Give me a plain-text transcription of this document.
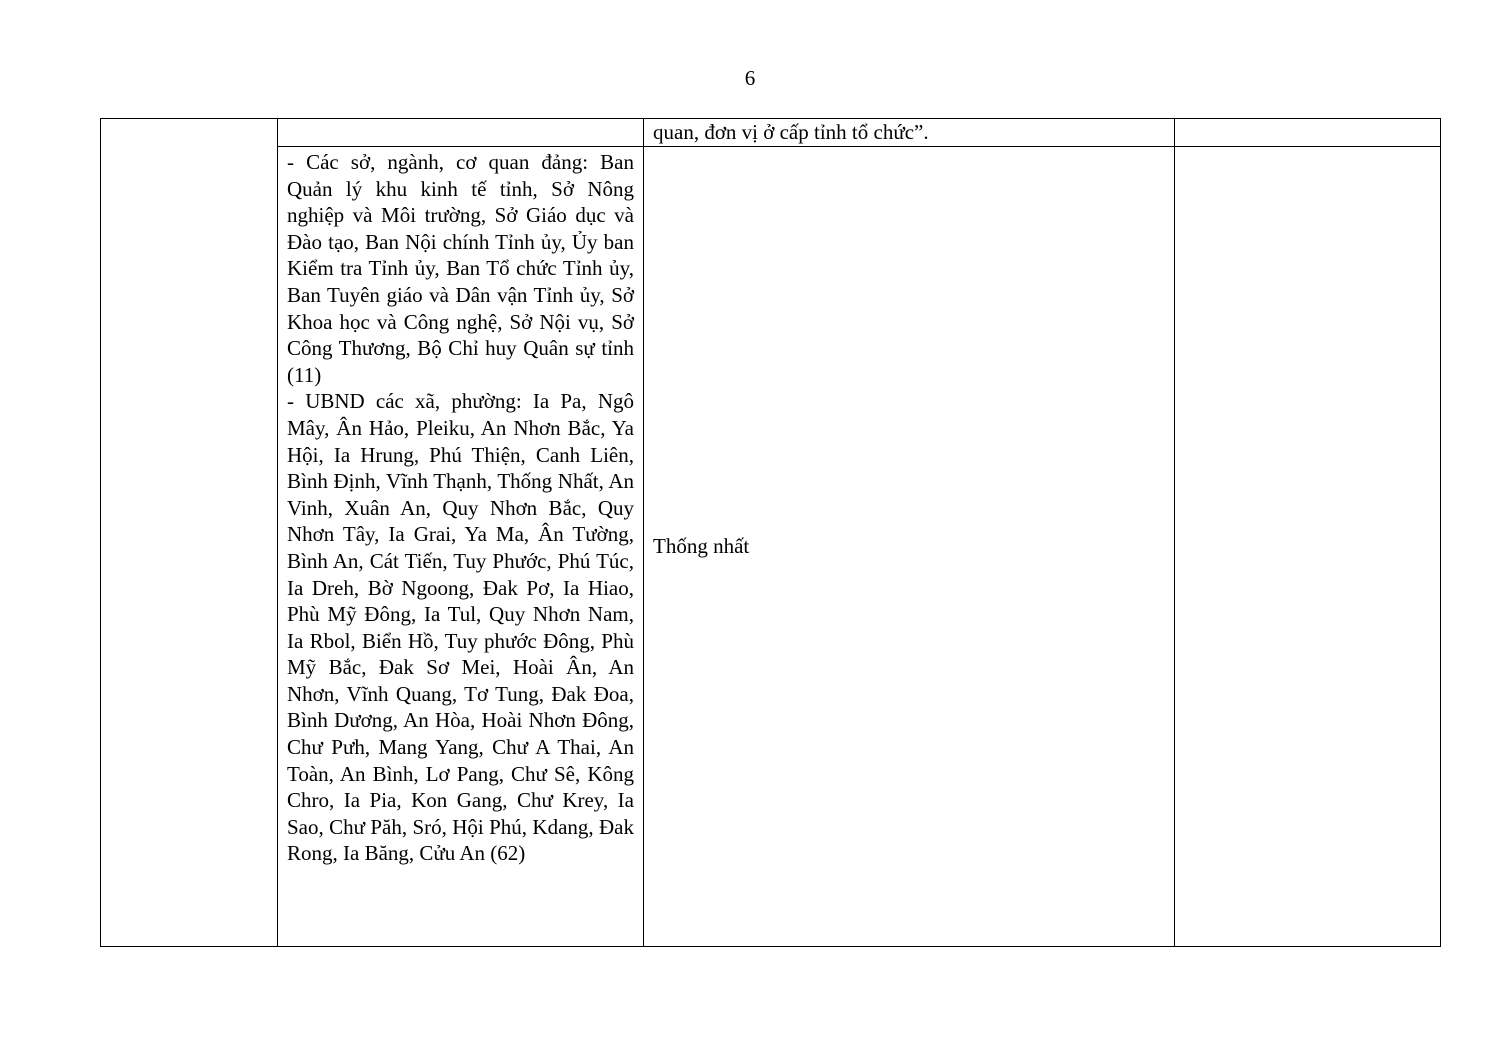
6
		quan, đơn vị ở cấp tỉnh tổ chức”.	

	- Các sở, ngành, cơ quan đảng: Ban Quản lý khu kinh tế tỉnh, Sở Nông nghiệp và Môi trường, Sở Giáo dục và Đào tạo, Ban Nội chính Tỉnh ủy, Ủy ban Kiểm tra Tỉnh ủy, Ban Tổ chức Tỉnh ủy, Ban Tuyên giáo và Dân vận Tỉnh ủy, Sở Khoa học và Công nghệ, Sở Nội vụ, Sở Công Thương, Bộ Chỉ huy Quân sự tỉnh (11)
- UBND các xã, phường: Ia Pa, Ngô Mây, Ân Hảo, Pleiku, An Nhơn Bắc, Ya Hội, Ia Hrung, Phú Thiện, Canh Liên, Bình Định, Vĩnh Thạnh, Thống Nhất, An Vinh, Xuân An, Quy Nhơn Bắc, Quy Nhơn Tây, Ia Grai, Ya Ma, Ân Tường, Bình An, Cát Tiến, Tuy Phước, Phú Túc, Ia Dreh, Bờ Ngoong, Đak Pơ, Ia Hiao, Phù Mỹ Đông, Ia Tul, Quy Nhơn Nam, Ia Rbol, Biển Hồ, Tuy phước Đông, Phù Mỹ Bắc, Đak Sơ Mei, Hoài Ân, An Nhơn, Vĩnh Quang, Tơ Tung, Đak Đoa, Bình Dương, An Hòa, Hoài Nhơn Đông, Chư Pưh, Mang Yang, Chư A Thai, An Toàn, An Bình, Lơ Pang, Chư Sê, Kông Chro, Ia Pia, Kon Gang, Chư Krey, Ia Sao, Chư Păh, Sró, Hội Phú, Kdang, Đak Rong, Ia Băng, Cửu An (62)	Thống nhất	
